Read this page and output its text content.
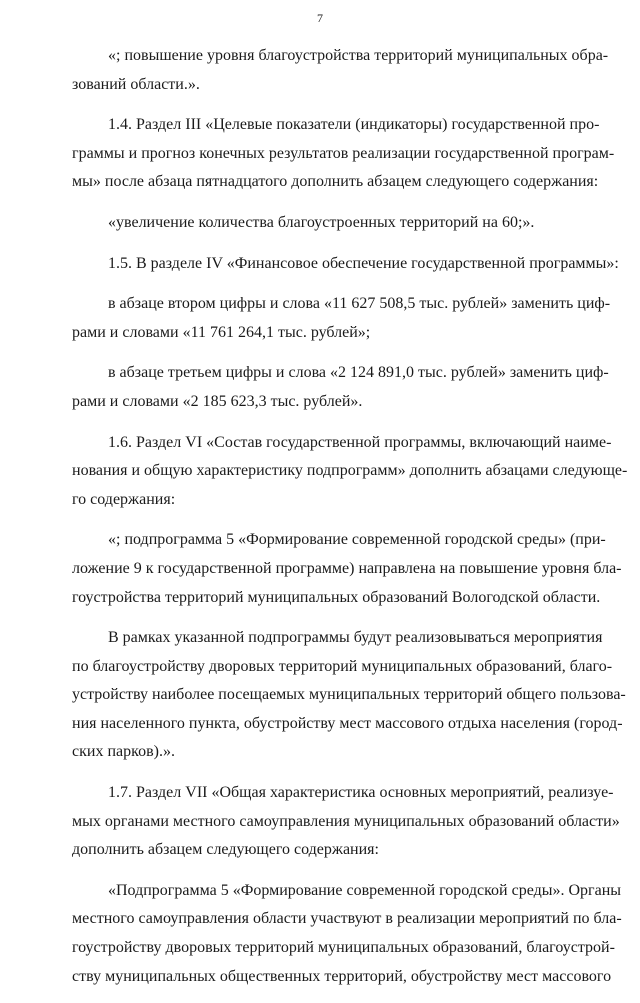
7

«; повышение уровня благоустройства территорий муниципальных обра-
зований области.».

1.4. Раздел III «Целевые показатели (индикаторы) государственной про-
граммы и прогноз конечных результатов реализации государственной програм-
мы» после абзаца пятнадцатого дополнить абзацем следующего содержания:

«увеличение количества благоустроенных территорий на 60;».

1.5. В разделе IV «Финансовое обеспечение государственной программы»:

в абзаце втором цифры и слова «11 627 508,5 тыс. рублей» заменить циф-
рами и словами «11 761 264,1 тыс. рублей»;

в абзаце третьем цифры и слова «2 124 891,0 тыс. рублей» заменить циф-
рами и словами «2 185 623,3 тыс. рублей».

1.6. Раздел VI «Состав государственной программы, включающий наиме-
нования и общую характеристику подпрограмм» дополнить абзацами следующе-
го содержания:

«; подпрограмма 5 «Формирование современной городской среды» (при-
ложение 9 к государственной программе) направлена на повышение уровня бла-
гоустройства территорий муниципальных образований Вологодской области.

В рамках указанной подпрограммы будут реализовываться мероприятия
по благоустройству дворовых территорий муниципальных образований, благо-
устройству наиболее посещаемых муниципальных территорий общего пользова-
ния населенного пункта, обустройству мест массового отдыха населения (город-
ских парков).».

1.7. Раздел VII «Общая характеристика основных мероприятий, реализуе-
мых органами местного самоуправления муниципальных образований области»
дополнить абзацем следующего содержания:

«Подпрограмма 5 «Формирование современной городской среды». Органы
местного самоуправления области участвуют в реализации мероприятий по бла-
гоустройству дворовых территорий муниципальных образований, благоустрой-
ству муниципальных общественных территорий, обустройству мест массового
